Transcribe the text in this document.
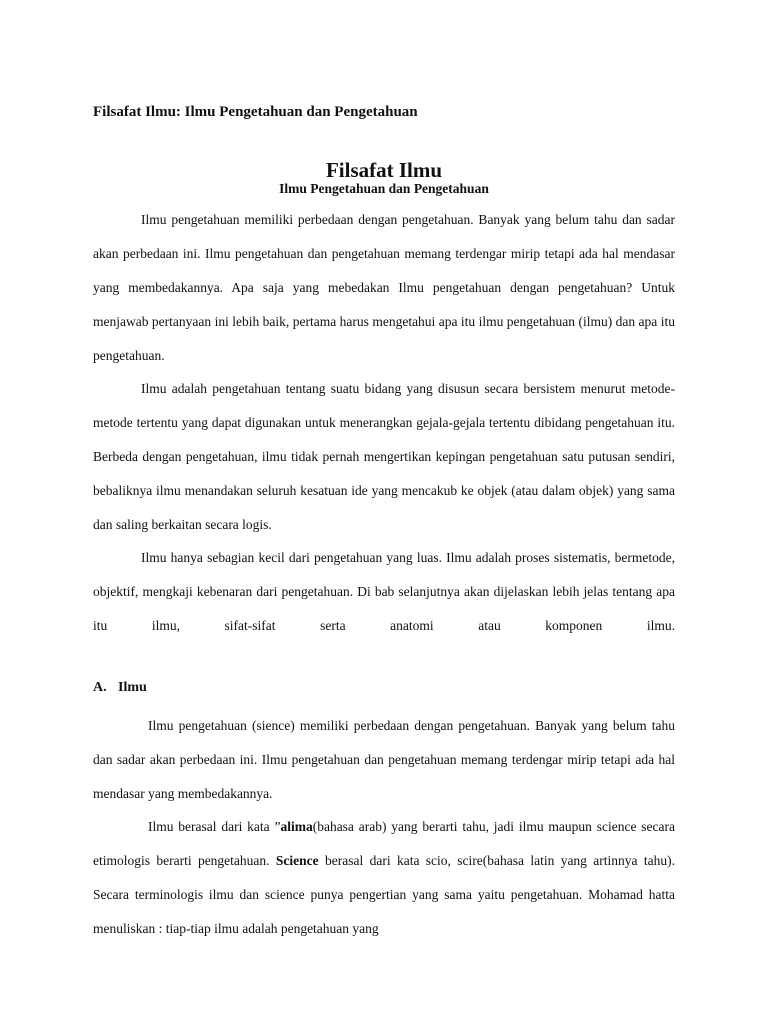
Filsafat Ilmu: Ilmu Pengetahuan dan Pengetahuan
Filsafat Ilmu
Ilmu Pengetahuan dan Pengetahuan

Ilmu pengetahuan memiliki perbedaan dengan pengetahuan. Banyak yang belum tahu dan sadar akan perbedaan ini. Ilmu pengetahuan dan pengetahuan memang terdengar mirip tetapi ada hal mendasar yang membedakannya. Apa saja yang mebedakan Ilmu pengetahuan dengan pengetahuan? Untuk menjawab pertanyaan ini lebih baik, pertama harus mengetahui apa itu ilmu pengetahuan (ilmu) dan apa itu pengetahuan.

Ilmu adalah pengetahuan tentang suatu bidang yang disusun secara bersistem menurut metode-metode tertentu yang dapat digunakan untuk menerangkan gejala-gejala tertentu dibidang pengetahuan itu. Berbeda dengan pengetahuan, ilmu tidak pernah mengertikan kepingan pengetahuan satu putusan sendiri, bebaliknya ilmu menandakan seluruh kesatuan ide yang mencakub ke objek (atau dalam objek) yang sama dan saling berkaitan secara logis.

Ilmu hanya sebagian kecil dari pengetahuan yang luas. Ilmu adalah proses sistematis, bermetode, objektif, mengkaji kebenaran dari pengetahuan. Di bab selanjutnya akan dijelaskan lebih jelas tentang apa itu ilmu, sifat-sifat serta anatomi atau komponen ilmu.

A. Ilmu

Ilmu pengetahuan (sience) memiliki perbedaan dengan pengetahuan. Banyak yang belum tahu dan sadar akan perbedaan ini. Ilmu pengetahuan dan pengetahuan memang terdengar mirip tetapi ada hal mendasar yang membedakannya.

Ilmu berasal dari kata ”alima(bahasa arab) yang berarti tahu, jadi ilmu maupun science secara etimologis berarti pengetahuan. Science berasal dari kata scio, scire(bahasa latin yang artinnya tahu). Secara terminologis ilmu dan science punya pengertian yang sama yaitu pengetahuan. Mohamad hatta menuliskan : tiap-tiap ilmu adalah pengetahuan yang
